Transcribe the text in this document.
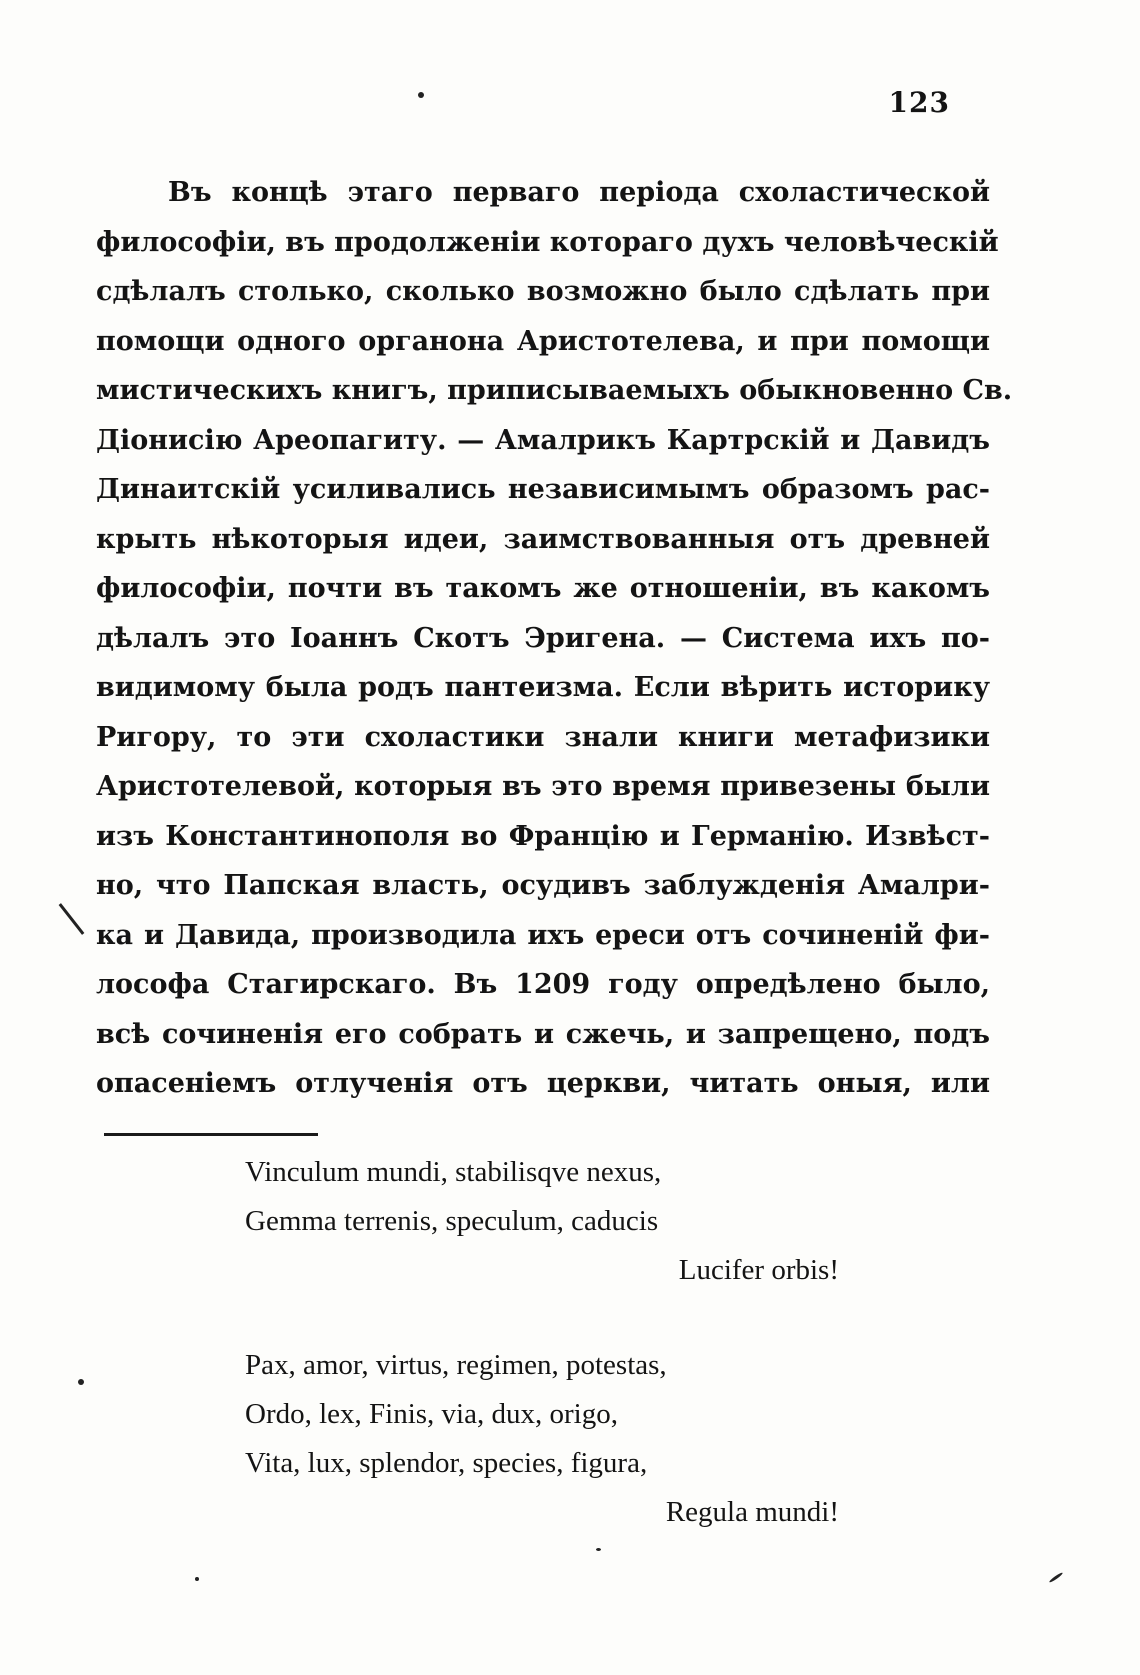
123
Въ концѣ этаго перваго періода схоластической
философіи, въ продолженіи котораго духъ человѣческій
сдѣлалъ столько, сколько возможно было сдѣлать при
помощи одного органона Аристотелева, и при помощи
мистическихъ книгъ, приписываемыхъ обыкновенно Св.
Діонисію Ареопагиту. — Амалрикъ Картрскій и Давидъ
Динаитскій усиливались независимымъ образомъ рас-
крыть нѣкоторыя идеи, заимствованныя отъ древней
философіи, почти въ такомъ же отношеніи, въ какомъ
дѣлалъ это Іоаннъ Скотъ Эригена. — Система ихъ по-
видимому была родъ пантеизма. Если вѣрить историку
Ригору, то эти схоластики знали книги метафизики
Аристотелевой, которыя въ это время привезены были
изъ Константинополя во Францію и Германію. Извѣст-
но, что Папская власть, осудивъ заблужденія Амалри-
ка и Давида, производила ихъ ереси отъ сочиненій фи-
лософа Стагирскаго. Въ 1209 году опредѣлено было,
всѣ сочиненія его собрать и сжечь, и запрещено, подъ
опасеніемъ отлученія отъ церкви, читать оныя, или
Vinculum mundi, stabilisqve nexus,
Gemma terrenis, speculum, caducis
Lucifer orbis!
Pax, amor, virtus, regimen, potestas,
Ordo, lex, Finis, via, dux, origo,
Vita, lux, splendor, species, figura,
Regula mundi!
